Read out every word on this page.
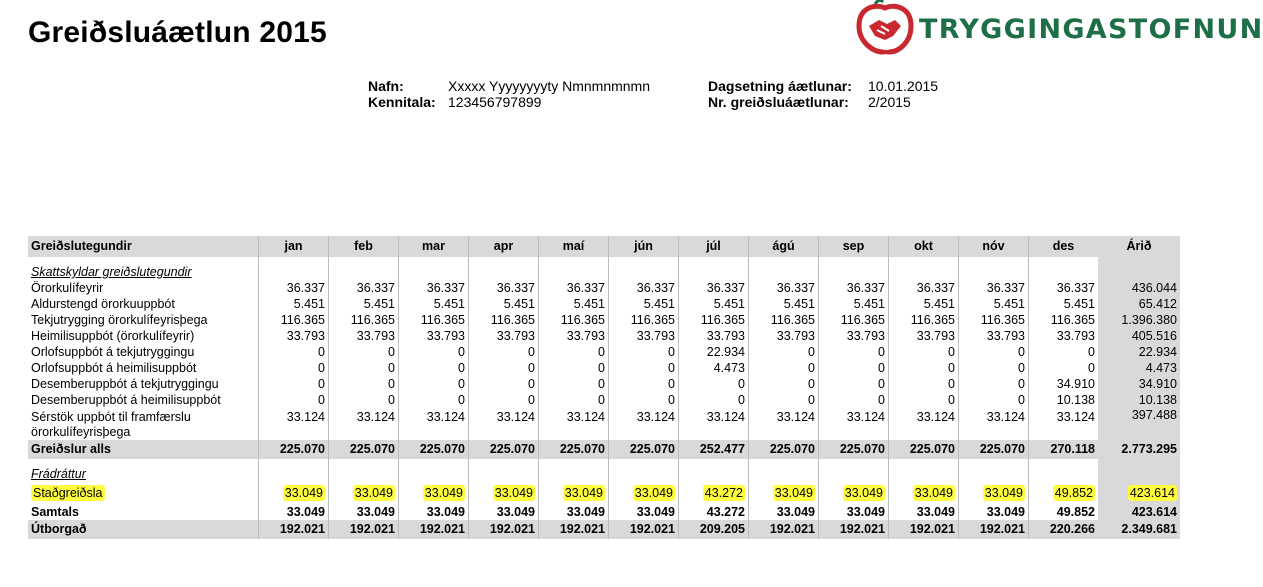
Greiðsluáætlun 2015	TRYGGINGASTOFNUN
Nafn:	Xxxxx Yyyyyyyyty Nmnmnmnmn
Kennitala: 123456797899
Dagsetning áætlunar:	10.01.2015
Nr. greiðsluáætlunar:	2/2015
Greiðslutegundir	jan	feb	mar	apr	maí	jún	júl	ágú	sep	okt	nóv	des	Árið
Skattskyldar greiðslutegundir													
Örorkulífeyrir	36.337	36.337	36.337	36.337	36.337	36.337	36.337	36.337	36.337	36.337	36.337	36.337	436.044
Aldurstengd örorkuuppbót	5.451	5.451	5.451	5.451	5.451	5.451	5.451	5.451	5.451	5.451	5.451	5.451	65.412
Tekjutrygging örorkulífeyrisþega	116.365	116.365	116.365	116.365	116.365	116.365	116.365	116.365	116.365	116.365	116.365	116.365	1.396.380
Heimilisuppbót (örorkulífeyrir)	33.793	33.793	33.793	33.793	33.793	33.793	33.793	33.793	33.793	33.793	33.793	33.793	405.516
Orlofsuppbót á tekjutryggingu	0	0	0	0	0	0	22.934	0	0	0	0	0	22.934
Orlofsuppbót á heimilisuppbót	0	0	0	0	0	0	4.473	0	0	0	0	0	4.473
Desemberuppbót á tekjutryggingu	0	0	0	0	0	0	0	0	0	0	0	34.910	34.910
Desemberuppbót á heimilisuppbót	0	0	0	0	0	0	0	0	0	0	0	10.138	10.138
Sérstök uppbót til framfærslu örorkulífeyrisþega	33.124	33.124	33.124	33.124	33.124	33.124	33.124	33.124	33.124	33.124	33.124	33.124	397.488
Greiðslur alls	225.070	225.070	225.070	225.070	225.070	225.070	252.477	225.070	225.070	225.070	225.070	270.118	2.773.295
Frádráttur													
Staðgreiðsla	33.049	33.049	33.049	33.049	33.049	33.049	43.272	33.049	33.049	33.049	33.049	49.852	423.614
Samtals	33.049	33.049	33.049	33.049	33.049	33.049	43.272	33.049	33.049	33.049	33.049	49.852	423.614
Útborgað	192.021	192.021	192.021	192.021	192.021	192.021	209.205	192.021	192.021	192.021	192.021	220.266	2.349.681
